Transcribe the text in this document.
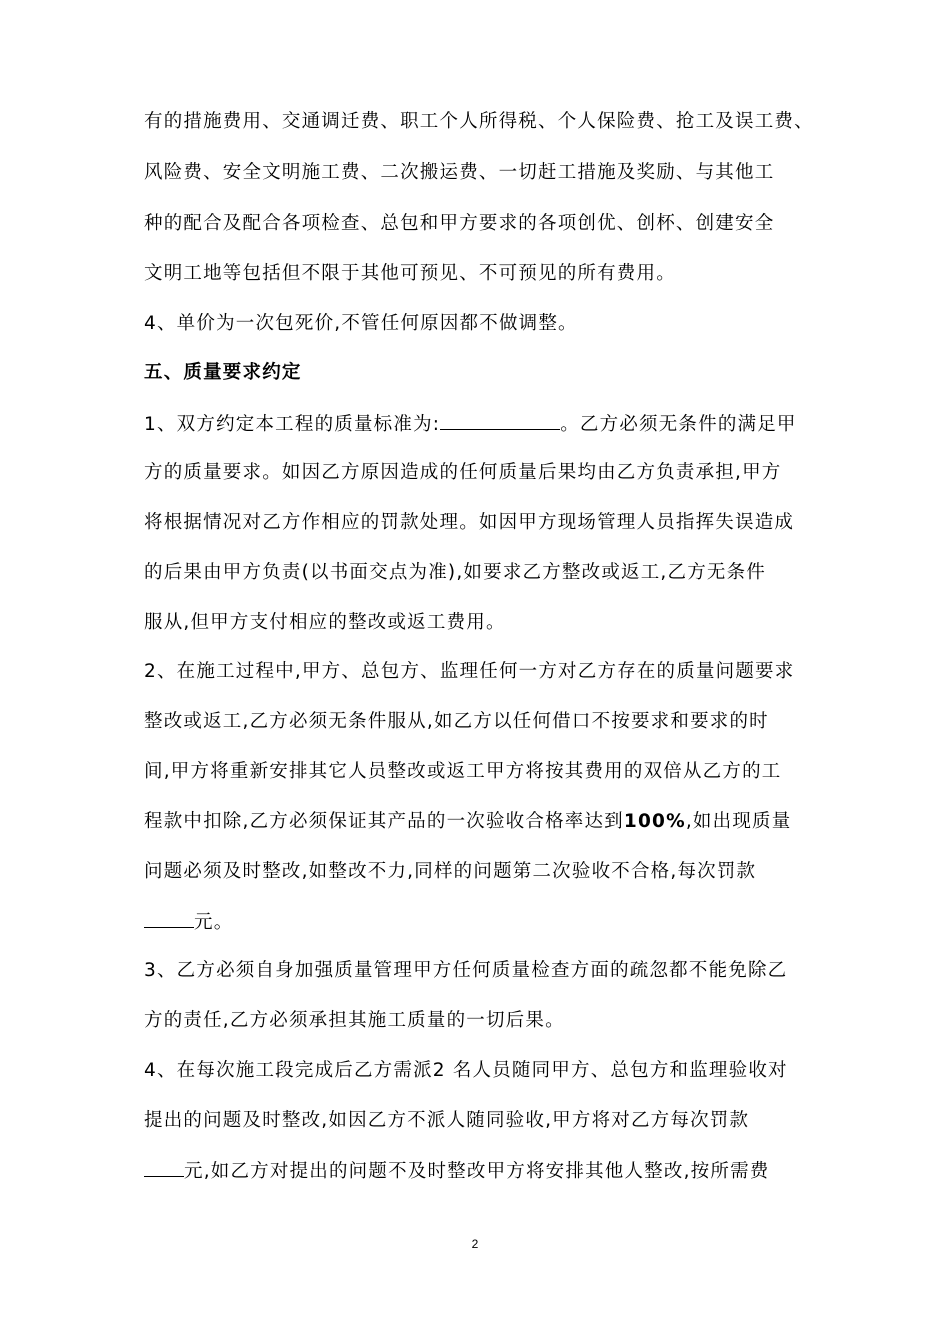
有的措施费用、交通调迁费、职工个人所得税、个人保险费、抢工及误工费、
风险费、安全文明施工费、二次搬运费、一切赶工措施及奖励、与其他工
种的配合及配合各项检查、总包和甲方要求的各项创优、创杯、创建安全
文明工地等包括但不限于其他可预见、不可预见的所有费用。
4、单价为一次包死价,不管任何原因都不做调整。
五、质量要求约定
1、双方约定本工程的质量标准为:	。乙方必须无条件的满足甲
方的质量要求。如因乙方原因造成的任何质量后果均由乙方负责承担,甲方
将根据情况对乙方作相应的罚款处理。如因甲方现场管理人员指挥失误造成
的后果由甲方负责(以书面交点为准),如要求乙方整改或返工,乙方无条件
服从,但甲方支付相应的整改或返工费用。
2、在施工过程中,甲方、总包方、监理任何一方对乙方存在的质量问题要求
整改或返工,乙方必须无条件服从,如乙方以任何借口不按要求和要求的时
间,甲方将重新安排其它人员整改或返工甲方将按其费用的双倍从乙方的工
程款中扣除,乙方必须保证其产品的一次验收合格率达到100%,如出现质量
问题必须及时整改,如整改不力,同样的问题第二次验收不合格,每次罚款
元。
3、乙方必须自身加强质量管理甲方任何质量检查方面的疏忽都不能免除乙
方的责任,乙方必须承担其施工质量的一切后果。
4、在每次施工段完成后乙方需派2 名人员随同甲方、总包方和监理验收对
提出的问题及时整改,如因乙方不派人随同验收,甲方将对乙方每次罚款
元,如乙方对提出的问题不及时整改甲方将安排其他人整改,按所需费
2
